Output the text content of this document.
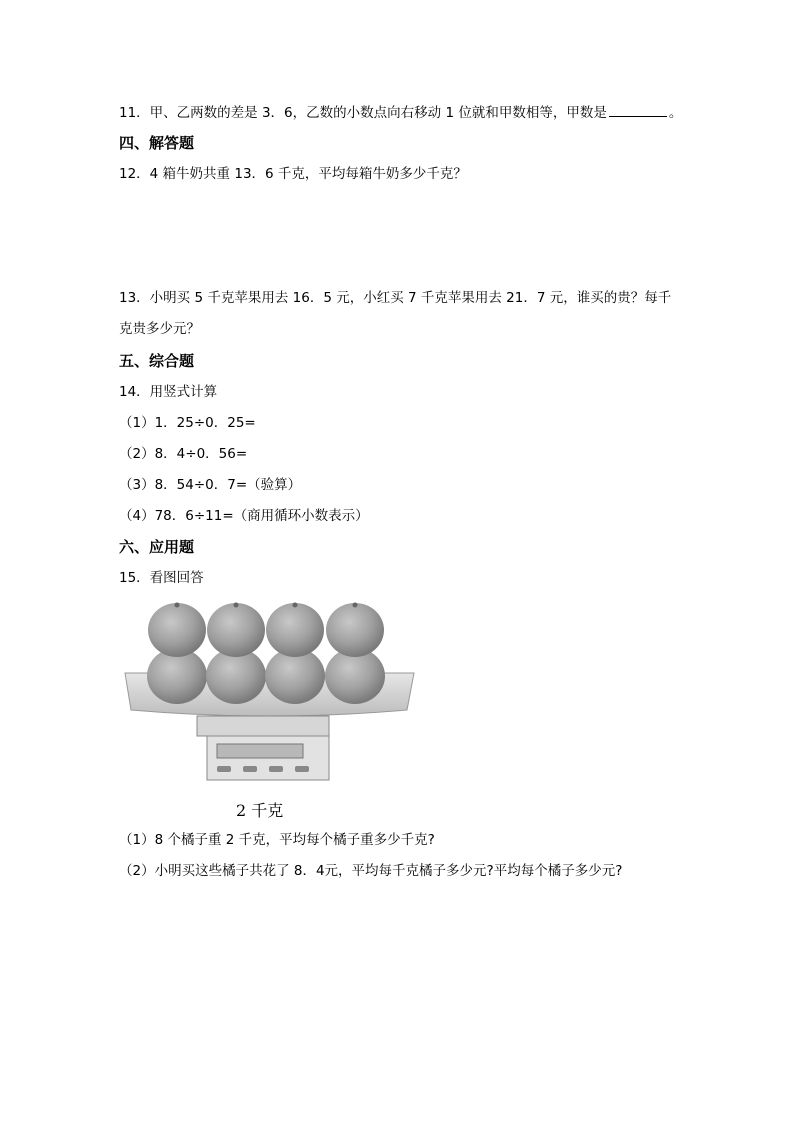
11．甲、乙两数的差是 3．6，乙数的小数点向右移动 1 位就和甲数相等，甲数是	。
四、解答题
12．4 箱牛奶共重 13．6 千克，平均每箱牛奶多少千克？
13．小明买 5 千克苹果用去 16．5 元，小红买 7 千克苹果用去 21．7 元，谁买的贵？每千
克贵多少元？
五、综合题
14．用竖式计算
（1）1．25÷0．25=
（2）8．4÷0．56=
（3）8．54÷0．7=（验算）
（4）78．6÷11=（商用循环小数表示）
六、应用题
15．看图回答
2 千克
（1）8 个橘子重 2 千克，平均每个橘子重多少千克?
（2）小明买这些橘子共花了 8．4元，平均每千克橘子多少元?平均每个橘子多少元?
